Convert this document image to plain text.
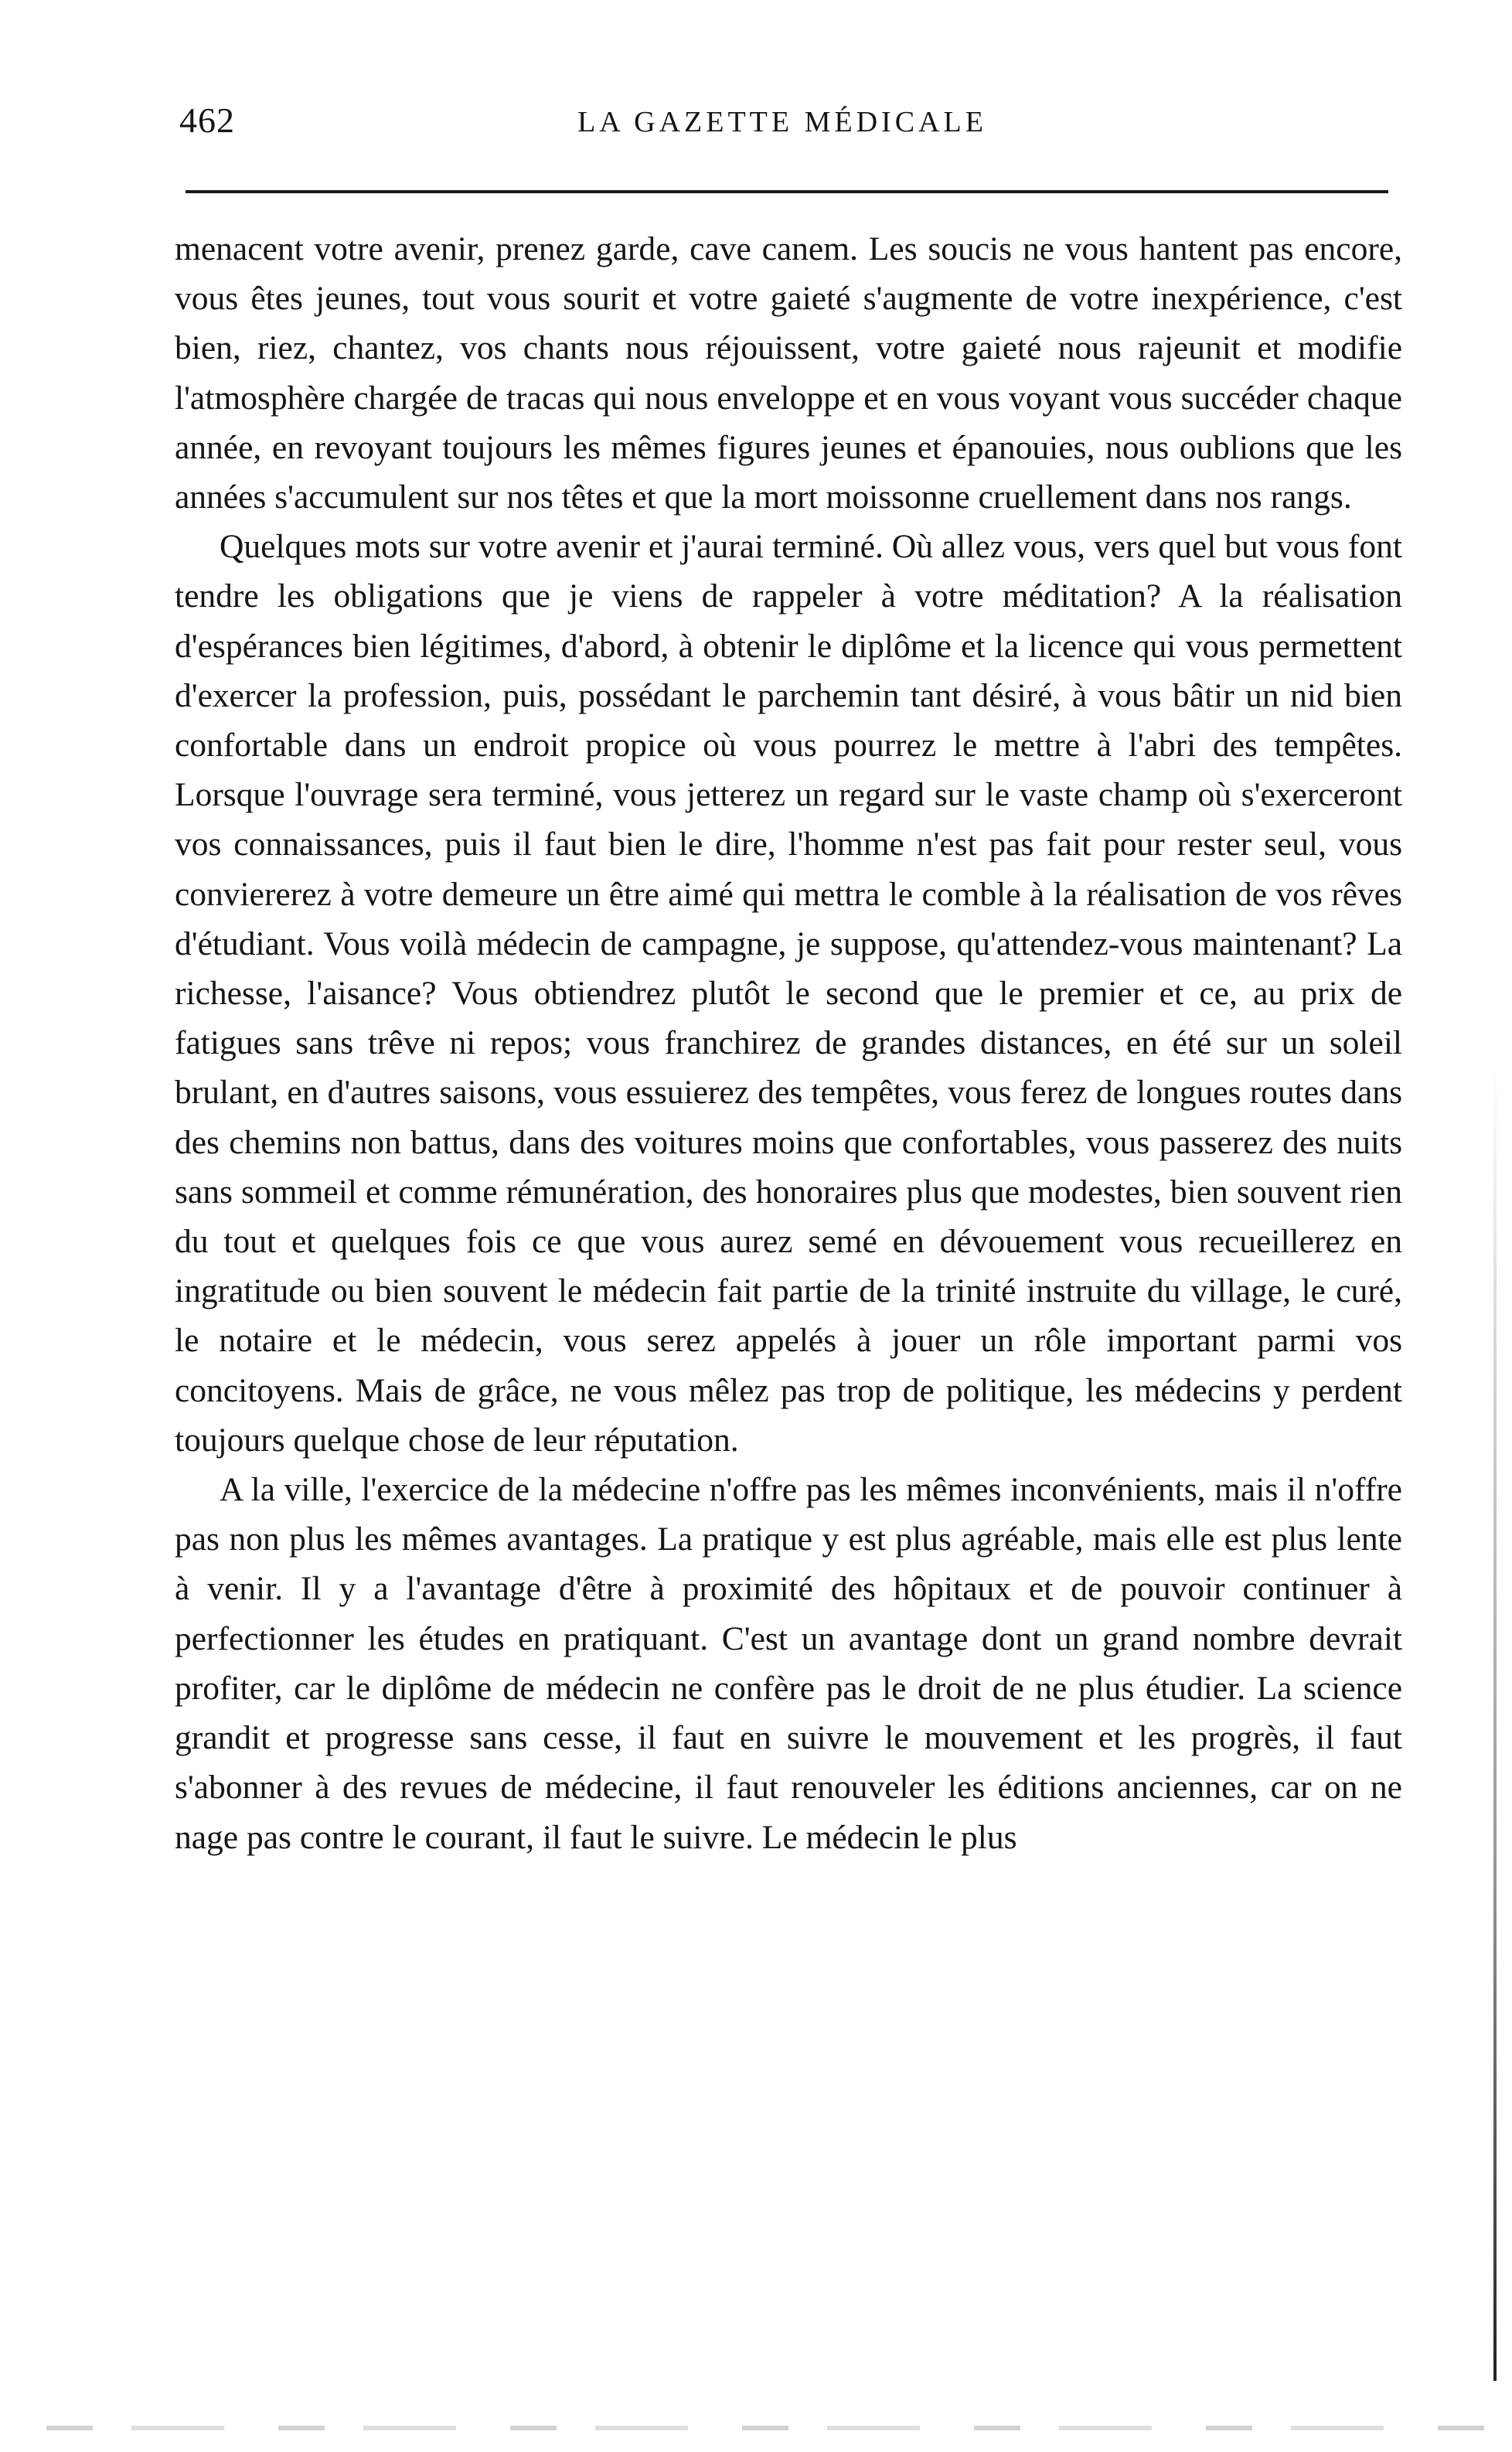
462	LA GAZETTE MÉDICALE

menacent votre avenir, prenez garde, cave canem. Les soucis ne vous hantent pas encore, vous êtes jeunes, tout vous sourit et votre gaieté s'augmente de votre inexpérience, c'est bien, riez, chantez, vos chants nous réjouissent, votre gaieté nous rajeunit et modifie l'atmosphère chargée de tracas qui nous enveloppe et en vous voyant vous succéder chaque année, en revoyant toujours les mêmes figures jeunes et épanouies, nous oublions que les années s'accumulent sur nos têtes et que la mort moissonne cruellement dans nos rangs.

Quelques mots sur votre avenir et j'aurai terminé. Où allez vous, vers quel but vous font tendre les obligations que je viens de rappeler à votre méditation? A la réalisation d'espérances bien légitimes, d'abord, à obtenir le diplôme et la licence qui vous permettent d'exercer la profession, puis, possédant le parchemin tant désiré, à vous bâtir un nid bien confortable dans un endroit propice où vous pourrez le mettre à l'abri des tempêtes. Lorsque l'ouvrage sera terminé, vous jetterez un regard sur le vaste champ où s'exerceront vos connaissances, puis il faut bien le dire, l'homme n'est pas fait pour rester seul, vous conviererez à votre demeure un être aimé qui mettra le comble à la réalisation de vos rêves d'étudiant. Vous voilà médecin de campagne, je suppose, qu'attendez-vous maintenant? La richesse, l'aisance? Vous obtiendrez plutôt le second que le premier et ce, au prix de fatigues sans trêve ni repos; vous franchirez de grandes distances, en été sur un soleil brulant, en d'autres saisons, vous essuierez des tempêtes, vous ferez de longues routes dans des chemins non battus, dans des voitures moins que confortables, vous passerez des nuits sans sommeil et comme rémunération, des honoraires plus que modestes, bien souvent rien du tout et quelques fois ce que vous aurez semé en dévouement vous recueillerez en ingratitude ou bien souvent le médecin fait partie de la trinité instruite du village, le curé, le notaire et le médecin, vous serez appelés à jouer un rôle important parmi vos concitoyens. Mais de grâce, ne vous mêlez pas trop de politique, les médecins y perdent toujours quelque chose de leur réputation.

A la ville, l'exercice de la médecine n'offre pas les mêmes inconvénients, mais il n'offre pas non plus les mêmes avantages. La pratique y est plus agréable, mais elle est plus lente à venir. Il y a l'avantage d'être à proximité des hôpitaux et de pouvoir continuer à perfectionner les études en pratiquant. C'est un avantage dont un grand nombre devrait profiter, car le diplôme de médecin ne confère pas le droit de ne plus étudier. La science grandit et progresse sans cesse, il faut en suivre le mouvement et les progrès, il faut s'abonner à des revues de médecine, il faut renouveler les éditions anciennes, car on ne nage pas contre le courant, il faut le suivre. Le médecin le plus
